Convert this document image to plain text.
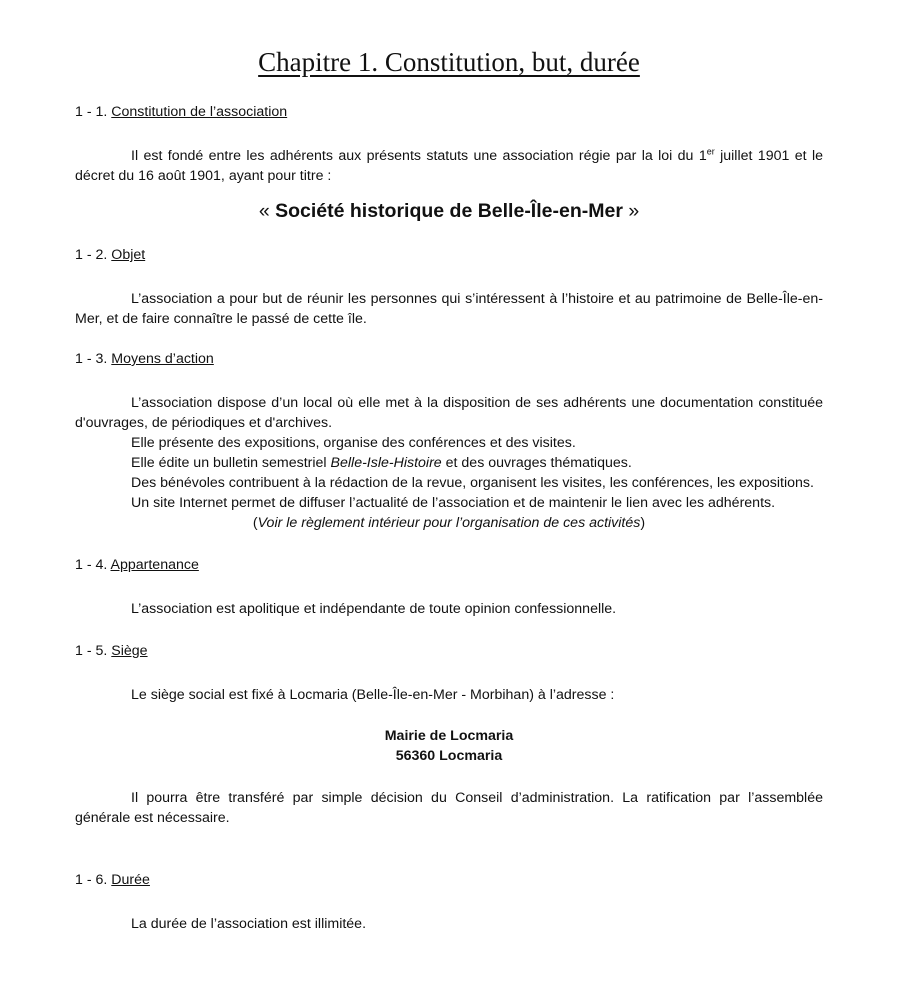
Chapitre 1. Constitution, but, durée
1 - 1. Constitution de l’association

Il est fondé entre les adhérents aux présents statuts une association régie par la loi du 1er juillet 1901 et le décret du 16 août 1901, ayant pour titre :

« Société historique de Belle-Île-en-Mer »

1 - 2. Objet

L’association a pour but de réunir les personnes qui s’intéressent à l’histoire et au patrimoine de Belle-Île-en-Mer, et de faire connaître le passé de cette île.

1 - 3. Moyens d’action

L’association dispose d’un local où elle met à la disposition de ses adhérents une documentation constituée d'ouvrages, de périodiques et d'archives.

Elle présente des expositions, organise des conférences et des visites.

Elle édite un bulletin semestriel Belle-Isle-Histoire et des ouvrages thématiques.

Des bénévoles contribuent à la rédaction de la revue, organisent les visites, les conférences, les expositions.

Un site Internet permet de diffuser l’actualité de l’association et de maintenir le lien avec les adhérents.

(Voir le règlement intérieur pour l’organisation de ces activités)

1 - 4. Appartenance

L’association est apolitique et indépendante de toute opinion confessionnelle.

1 - 5. Siège

Le siège social est fixé à Locmaria (Belle-Île-en-Mer - Morbihan) à l’adresse :

Mairie de Locmaria

56360 Locmaria

Il pourra être transféré par simple décision du Conseil d’administration. La ratification par l’assemblée générale est nécessaire.

1 - 6. Durée

La durée de l’association est illimitée.
